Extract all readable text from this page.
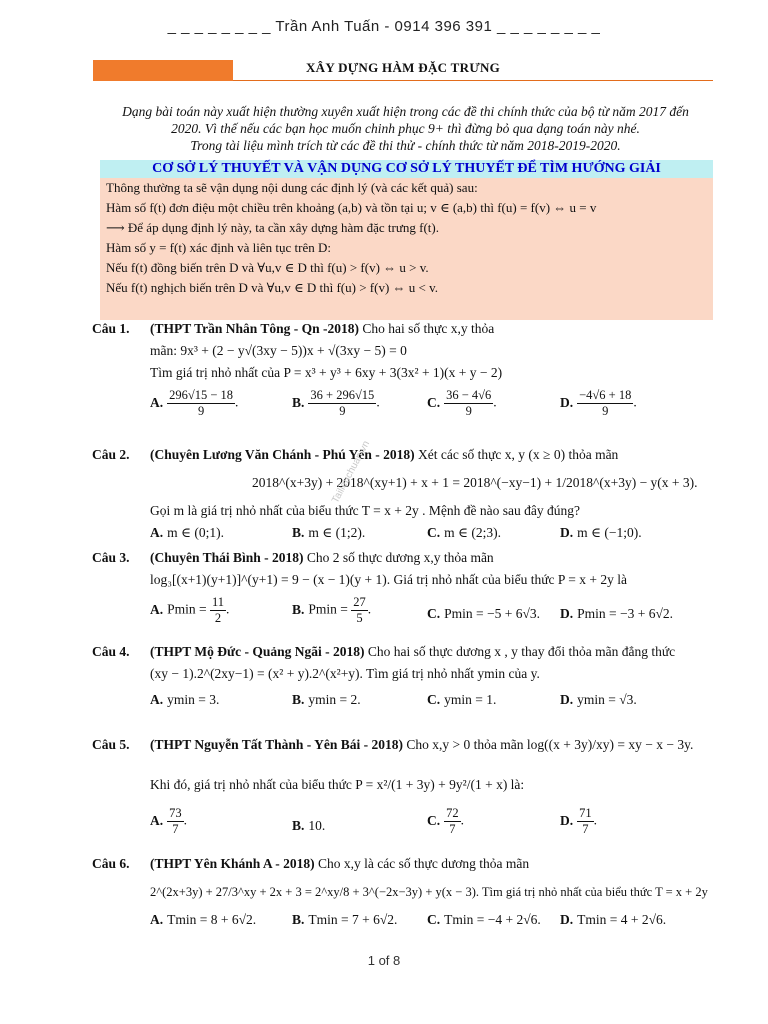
_ _ _ _ _ _ _ _ Trần Anh Tuấn - 0914 396 391 _ _ _ _ _ _ _ _
XÂY DỰNG HÀM ĐẶC TRƯNG
Dạng bài toán này xuất hiện thường xuyên xuất hiện trong các đề thi chính thức của bộ từ năm 2017 đến
2020. Vì thế nếu các bạn học muốn chinh phục 9+ thì đừng bỏ qua dạng toán này nhé.
Trong tài liệu mình trích từ các đề thi thử - chính thức từ năm 2018-2019-2020.
CƠ SỞ LÝ THUYẾT VÀ VẬN DỤNG CƠ SỞ LÝ THUYẾT ĐỂ TÌM HƯỚNG GIẢI
Thông thường ta sẽ vận dụng nội dung các định lý (và các kết quả) sau:
Hàm số f(t) đơn điệu một chiều trên khoảng (a,b) và tồn tại u; v ∈ (a,b) thì f(u) = f(v) ⇔ u = v
⟶ Để áp dụng định lý này, ta cần xây dựng hàm đặc trưng f(t).
Hàm số y = f(t) xác định và liên tục trên D:
Nếu f(t) đồng biến trên D và ∀u,v ∈ D thì f(u) > f(v) ⇔ u > v.
Nếu f(t) nghịch biến trên D và ∀u,v ∈ D thì f(u) > f(v) ⇔ u < v.
Câu 1. (THPT Trần Nhân Tông - Qn -2018) Cho hai số thực x,y thỏa
mãn: 9x³ + (2 − y√(3xy − 5))x + √(3xy − 5) = 0
Tìm giá trị nhỏ nhất của P = x³ + y³ + 6xy + 3(3x² + 1)(x + y − 2)
A. $\frac{296√15 - 18}{9}$ .	B. $\frac{36 + 296√15}{9}$ .	C. $\frac{36 - 4√6}{9}$ .	D. $\frac{-4√6 + 18}{9}$ .
Câu 2. (Chuyên Lương Văn Chánh - Phú Yên - 2018) Xét các số thực x, y (x ≥ 0) thỏa mãn
2018^(x+3y) + 2018^(xy+1) + x + 1 = 2018^(−xy−1) + 1/2018^(x+3y) − y(x + 3).
Gọi m là giá trị nhỏ nhất của biểu thức T = x + 2y . Mệnh đề nào sau đây đúng?
A. m ∈ (0;1).	B. m ∈ (1;2).	C. m ∈ (2;3).	D. m ∈ (−1;0).
Câu 3. (Chuyên Thái Bình - 2018) Cho 2 số thực dương x,y thỏa mãn
log₃[(x+1)(y+1)]^(y+1) = 9 − (x − 1)(y + 1). Giá trị nhỏ nhất của biểu thức P = x + 2y là
A. $Pmin = \frac{11}{2}$ .	B. $Pmin = \frac{27}{5}$ .	C. Pmin = −5 + 6√3. D. Pmin = −3 + 6√2.
Câu 4. (THPT Mộ Đức - Quảng Ngãi - 2018) Cho hai số thực dương x , y thay đổi thỏa mãn đẳng thức
(xy − 1).2^(2xy−1) = (x² + y).2^(x²+y). Tìm giá trị nhỏ nhất ymin của y.
A. ymin = 3.	B. ymin = 2.	C. ymin = 1.	D. ymin = √3.
Câu 5. (THPT Nguyễn Tất Thành - Yên Bái - 2018) Cho x,y > 0 thỏa mãn log((x + 3y)/xy) = xy − x − 3y.
Khi đó, giá trị nhỏ nhất của biểu thức P = x²/(1 + 3y) + 9y²/(1 + x) là:
A. $\frac{73}{7}$ .	B. 10.	C. $\frac{72}{7}$ .	D. $\frac{71}{7}$ .
Câu 6. (THPT Yên Khánh A - 2018) Cho x,y là các số thực dương thỏa mãn
2^(2x+3y) + 27/3^xy + 2x + 3 = 2^xy/8 + 3^(−2x−3y) + y(x − 3). Tìm giá trị nhỏ nhất của biểu thức T = x + 2y
A. Tmin = 8 + 6√2.	B. Tmin = 7 + 6√2. C. Tmin = −4 + 2√6. D. Tmin = 4 + 2√6.
Tailieuchuan.vn
1 of 8
